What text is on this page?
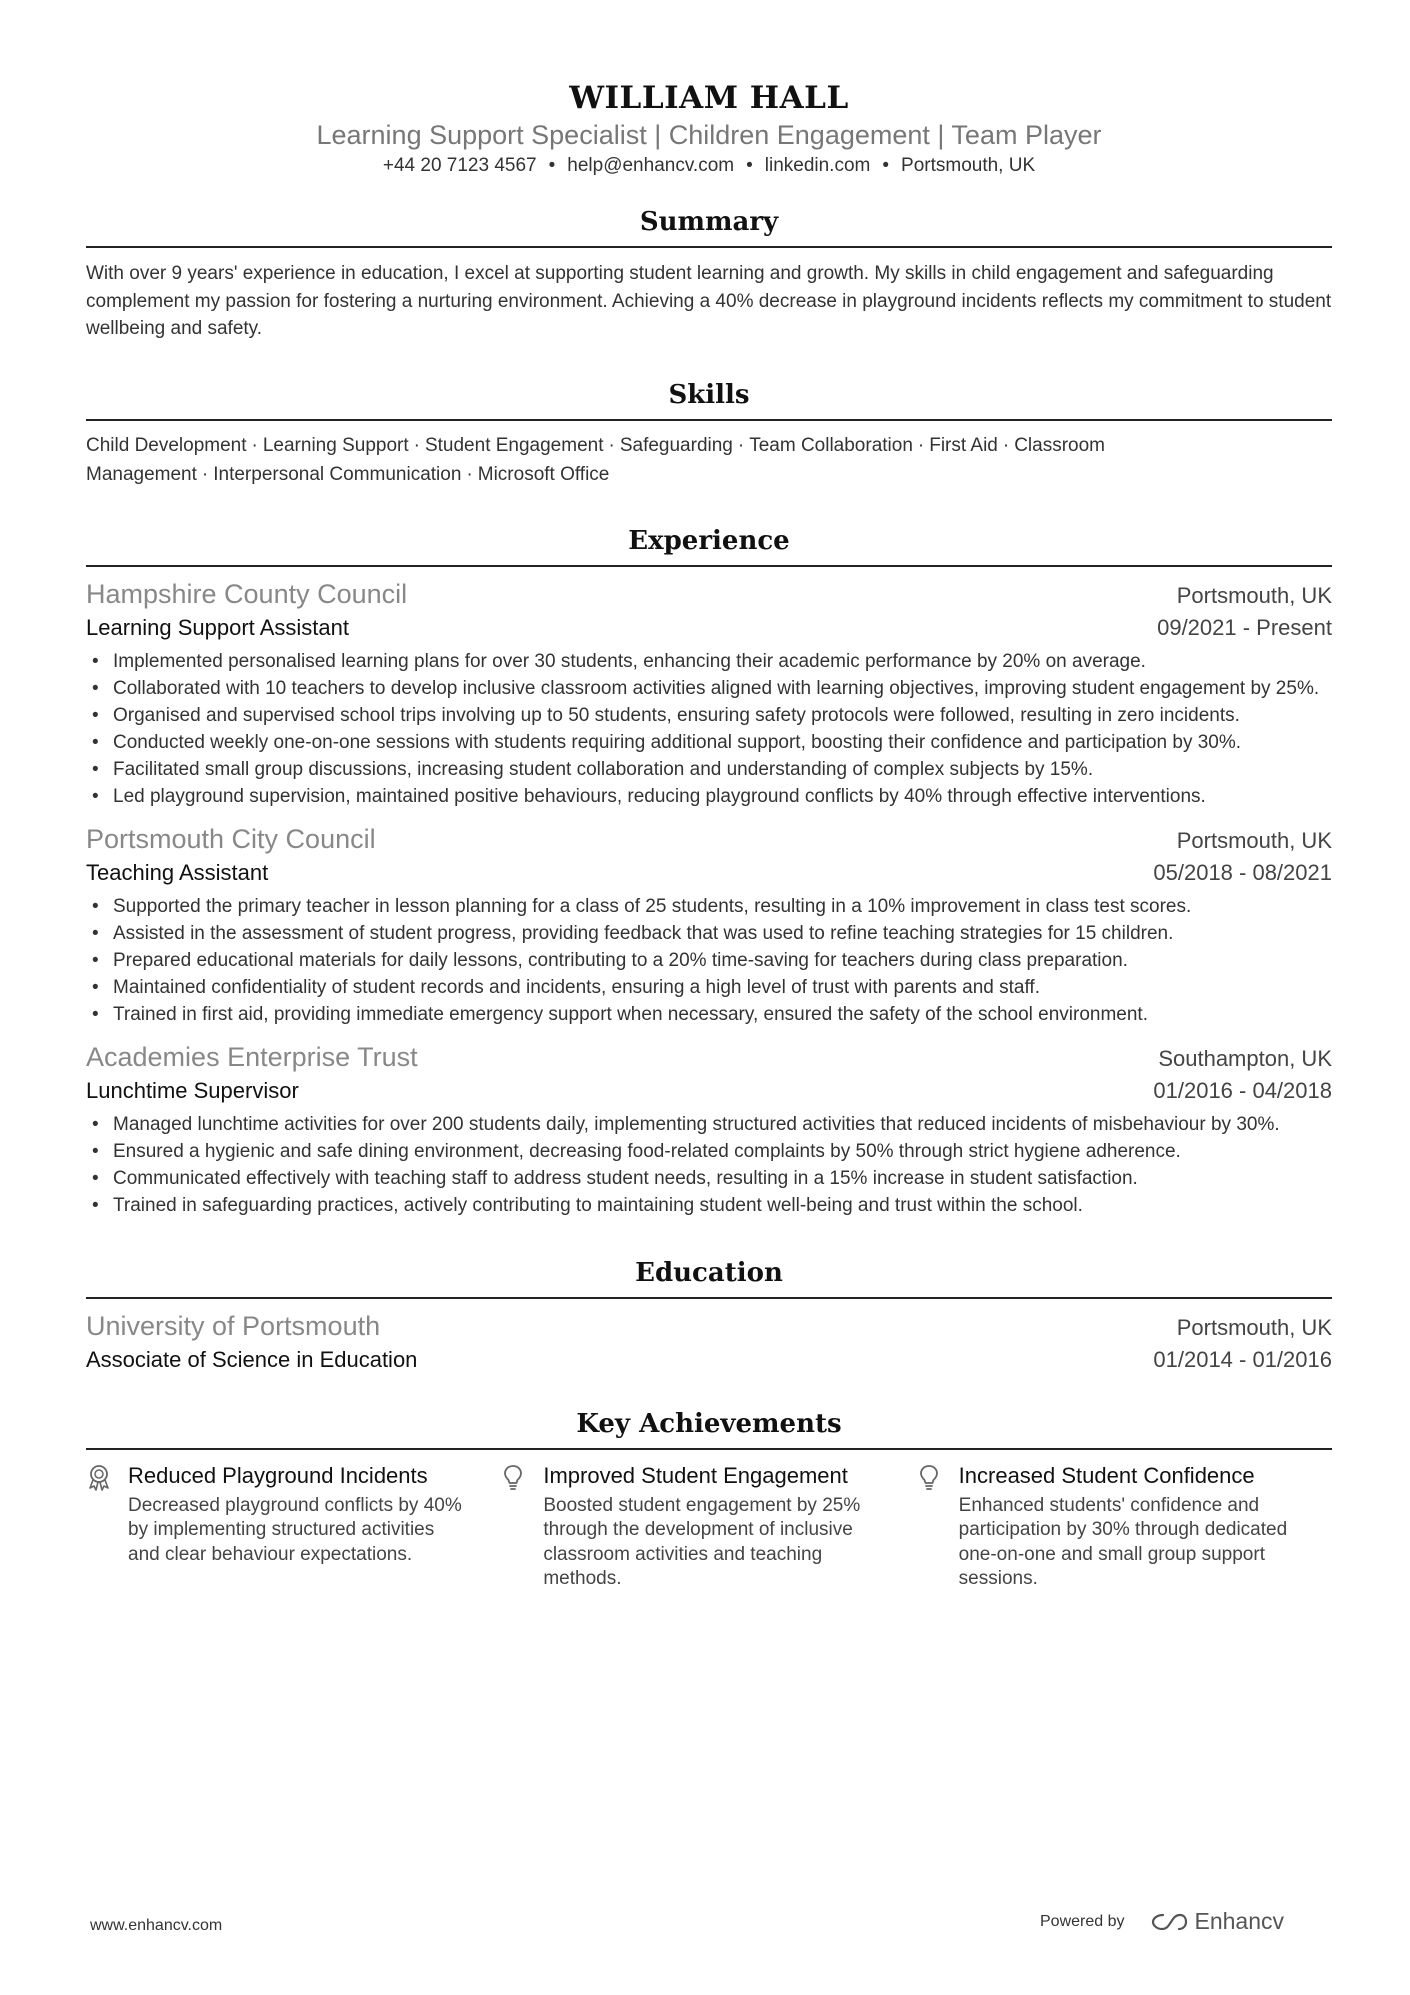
WILLIAM HALL
Learning Support Specialist | Children Engagement | Team Player
+44 20 7123 4567 • help@enhancv.com • linkedin.com • Portsmouth, UK
Summary
With over 9 years' experience in education, I excel at supporting student learning and growth. My skills in child engagement and safeguarding complement my passion for fostering a nurturing environment. Achieving a 40% decrease in playground incidents reflects my commitment to student wellbeing and safety.
Skills
Child Development · Learning Support · Student Engagement · Safeguarding · Team Collaboration · First Aid · Classroom Management · Interpersonal Communication · Microsoft Office
Experience
Hampshire County Council	Portsmouth, UK
Learning Support Assistant	09/2021 - Present
• Implemented personalised learning plans for over 30 students, enhancing their academic performance by 20% on average.
• Collaborated with 10 teachers to develop inclusive classroom activities aligned with learning objectives, improving student engagement by 25%.
• Organised and supervised school trips involving up to 50 students, ensuring safety protocols were followed, resulting in zero incidents.
• Conducted weekly one-on-one sessions with students requiring additional support, boosting their confidence and participation by 30%.
• Facilitated small group discussions, increasing student collaboration and understanding of complex subjects by 15%.
• Led playground supervision, maintained positive behaviours, reducing playground conflicts by 40% through effective interventions.
Portsmouth City Council	Portsmouth, UK
Teaching Assistant	05/2018 - 08/2021
• Supported the primary teacher in lesson planning for a class of 25 students, resulting in a 10% improvement in class test scores.
• Assisted in the assessment of student progress, providing feedback that was used to refine teaching strategies for 15 children.
• Prepared educational materials for daily lessons, contributing to a 20% time-saving for teachers during class preparation.
• Maintained confidentiality of student records and incidents, ensuring a high level of trust with parents and staff.
• Trained in first aid, providing immediate emergency support when necessary, ensured the safety of the school environment.
Academies Enterprise Trust	Southampton, UK
Lunchtime Supervisor	01/2016 - 04/2018
• Managed lunchtime activities for over 200 students daily, implementing structured activities that reduced incidents of misbehaviour by 30%.
• Ensured a hygienic and safe dining environment, decreasing food-related complaints by 50% through strict hygiene adherence.
• Communicated effectively with teaching staff to address student needs, resulting in a 15% increase in student satisfaction.
• Trained in safeguarding practices, actively contributing to maintaining student well-being and trust within the school.
Education
University of Portsmouth	Portsmouth, UK
Associate of Science in Education	01/2014 - 01/2016
Key Achievements
Reduced Playground Incidents
Decreased playground conflicts by 40% by implementing structured activities and clear behaviour expectations.
Improved Student Engagement
Boosted student engagement by 25% through the development of inclusive classroom activities and teaching methods.
Increased Student Confidence
Enhanced students' confidence and participation by 30% through dedicated one-on-one and small group support sessions.
www.enhancv.com	Powered by	Enhancv
